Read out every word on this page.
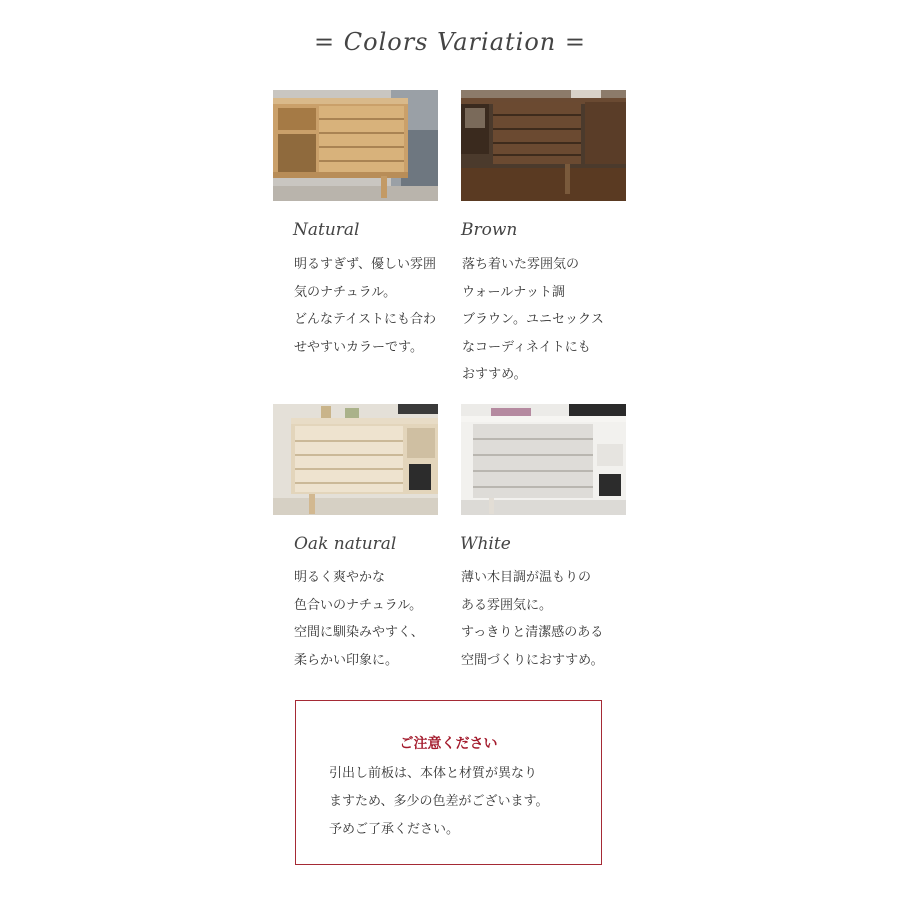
= Colors Variation =
Natural
明るすぎず、優しい雰囲
気のナチュラル。
どんなテイストにも合わ
せやすいカラーです。
Brown
落ち着いた雰囲気の
ウォールナット調
ブラウン。ユニセックス
なコーディネイトにも
おすすめ。
Oak natural
明るく爽やかな
色合いのナチュラル。
空間に馴染みやすく、
柔らかい印象に。
White
薄い木目調が温もりの
ある雰囲気に。
すっきりと清潔感のある
空間づくりにおすすめ。
ご注意ください
引出し前板は、本体と材質が異なり
ますため、多少の色差がございます。
予めご了承ください。
